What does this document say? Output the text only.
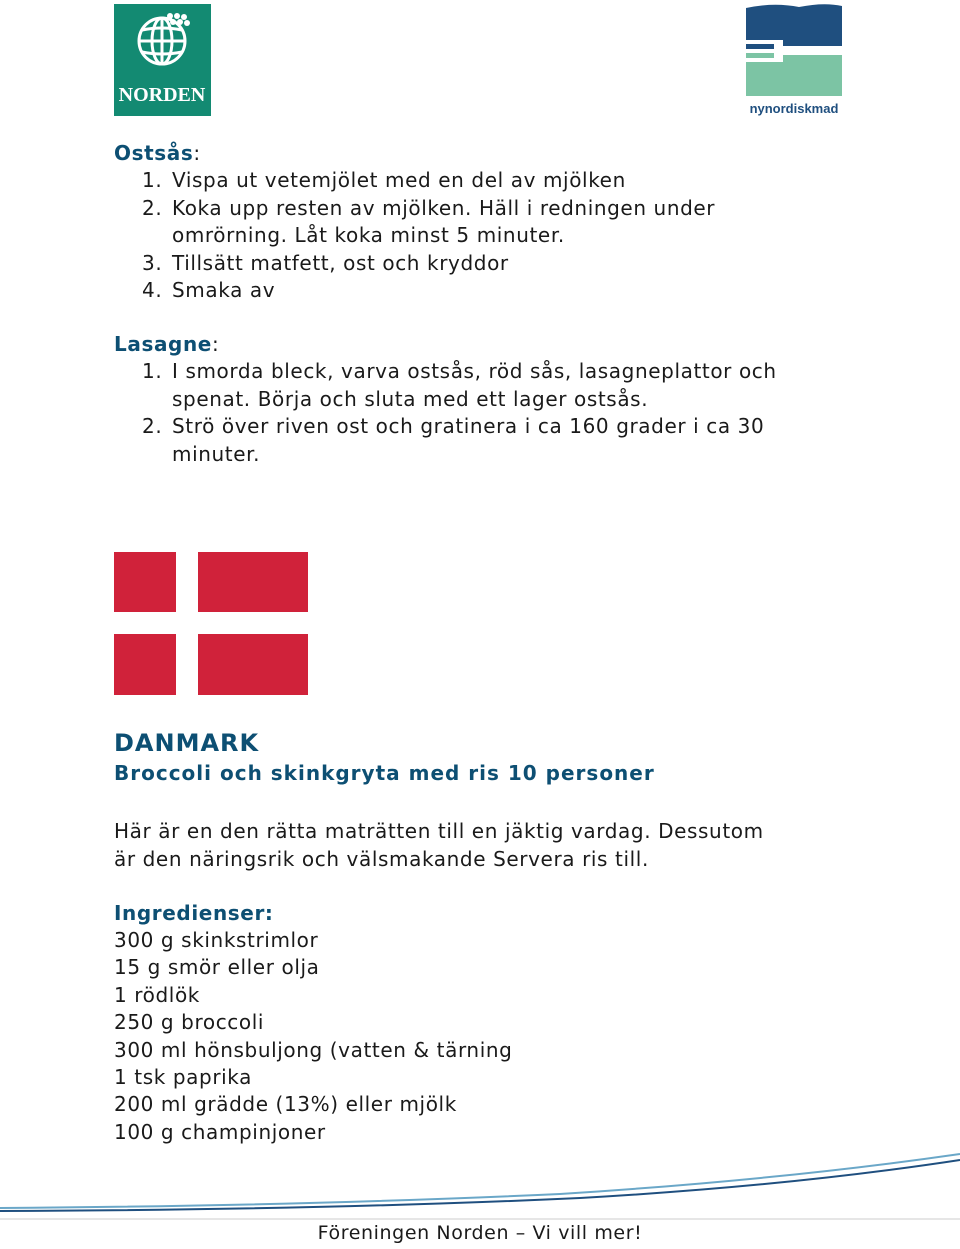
NORDEN
nynordiskmad
Ostsås:
1. Vispa ut vetemjölet med en del av mjölken
2. Koka upp resten av mjölken. Häll i redningen under
omrörning. Låt koka minst 5 minuter.
3. Tillsätt matfett, ost och kryddor
4. Smaka av
Lasagne:
1. I smorda bleck, varva ostsås, röd sås, lasagneplattor och
spenat. Börja och sluta med ett lager ostsås.
2. Strö över riven ost och gratinera i ca 160 grader i ca 30
minuter.
DANMARK
Broccoli och skinkgryta med ris 10 personer
Här är en den rätta maträtten till en jäktig vardag. Dessutom
är den näringsrik och välsmakande Servera ris till.
Ingredienser:
300 g skinkstrimlor
15 g smör eller olja
1 rödlök
250 g broccoli
300 ml hönsbuljong (vatten & tärning
1 tsk paprika
200 ml grädde (13%) eller mjölk
100 g champinjoner
Föreningen Norden – Vi vill mer!
